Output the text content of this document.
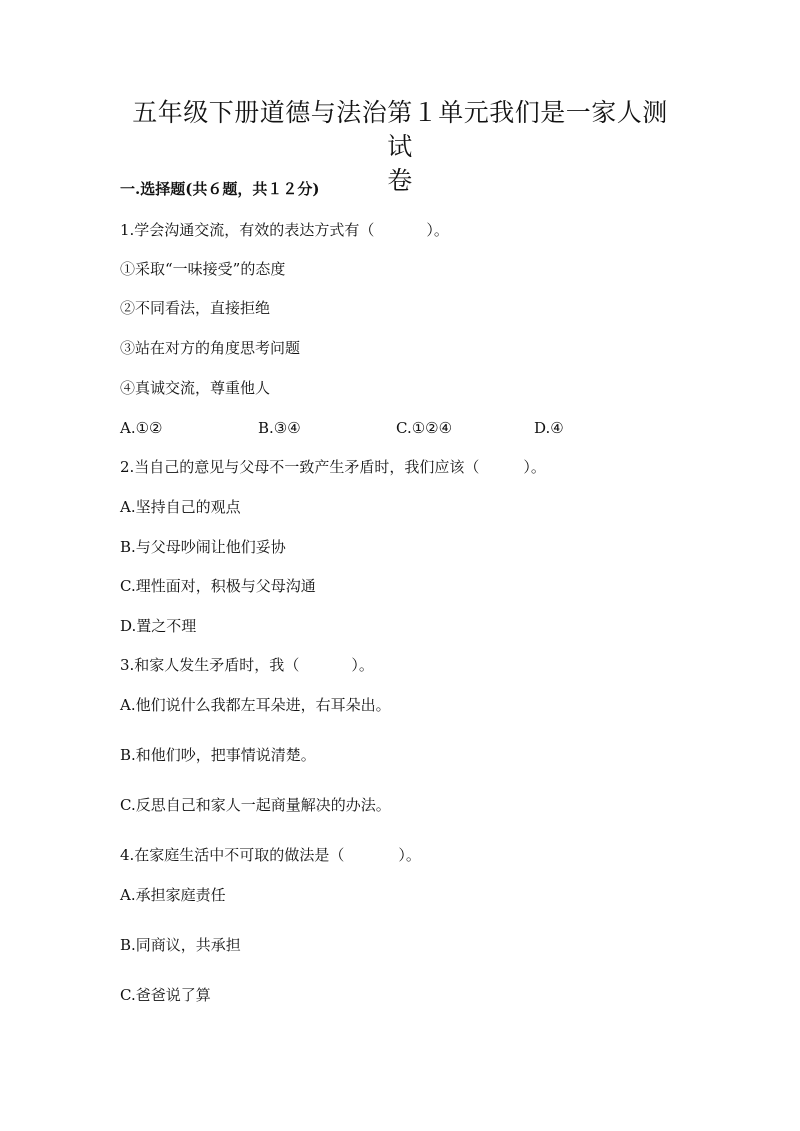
五年级下册道德与法治第１单元我们是一家人测试
卷
一.选择题(共６题，共１２分)
1.学会沟通交流，有效的表达方式有（	）。
①采取“一味接受”的态度
②不同看法，直接拒绝
③站在对方的角度思考问题
④真诚交流，尊重他人
A.①②	B.③④	C.①②④	D.④
2.当自己的意见与父母不一致产生矛盾时，我们应该（	）。
A.坚持自己的观点
B.与父母吵闹让他们妥协
C.理性面对，积极与父母沟通
D.置之不理
3.和家人发生矛盾时，我（	）。
A.他们说什么我都左耳朵进，右耳朵出。
B.和他们吵，把事情说清楚。
C.反思自己和家人一起商量解决的办法。
4.在家庭生活中不可取的做法是（	）。
A.承担家庭责任
B.同商议，共承担
C.爸爸说了算
